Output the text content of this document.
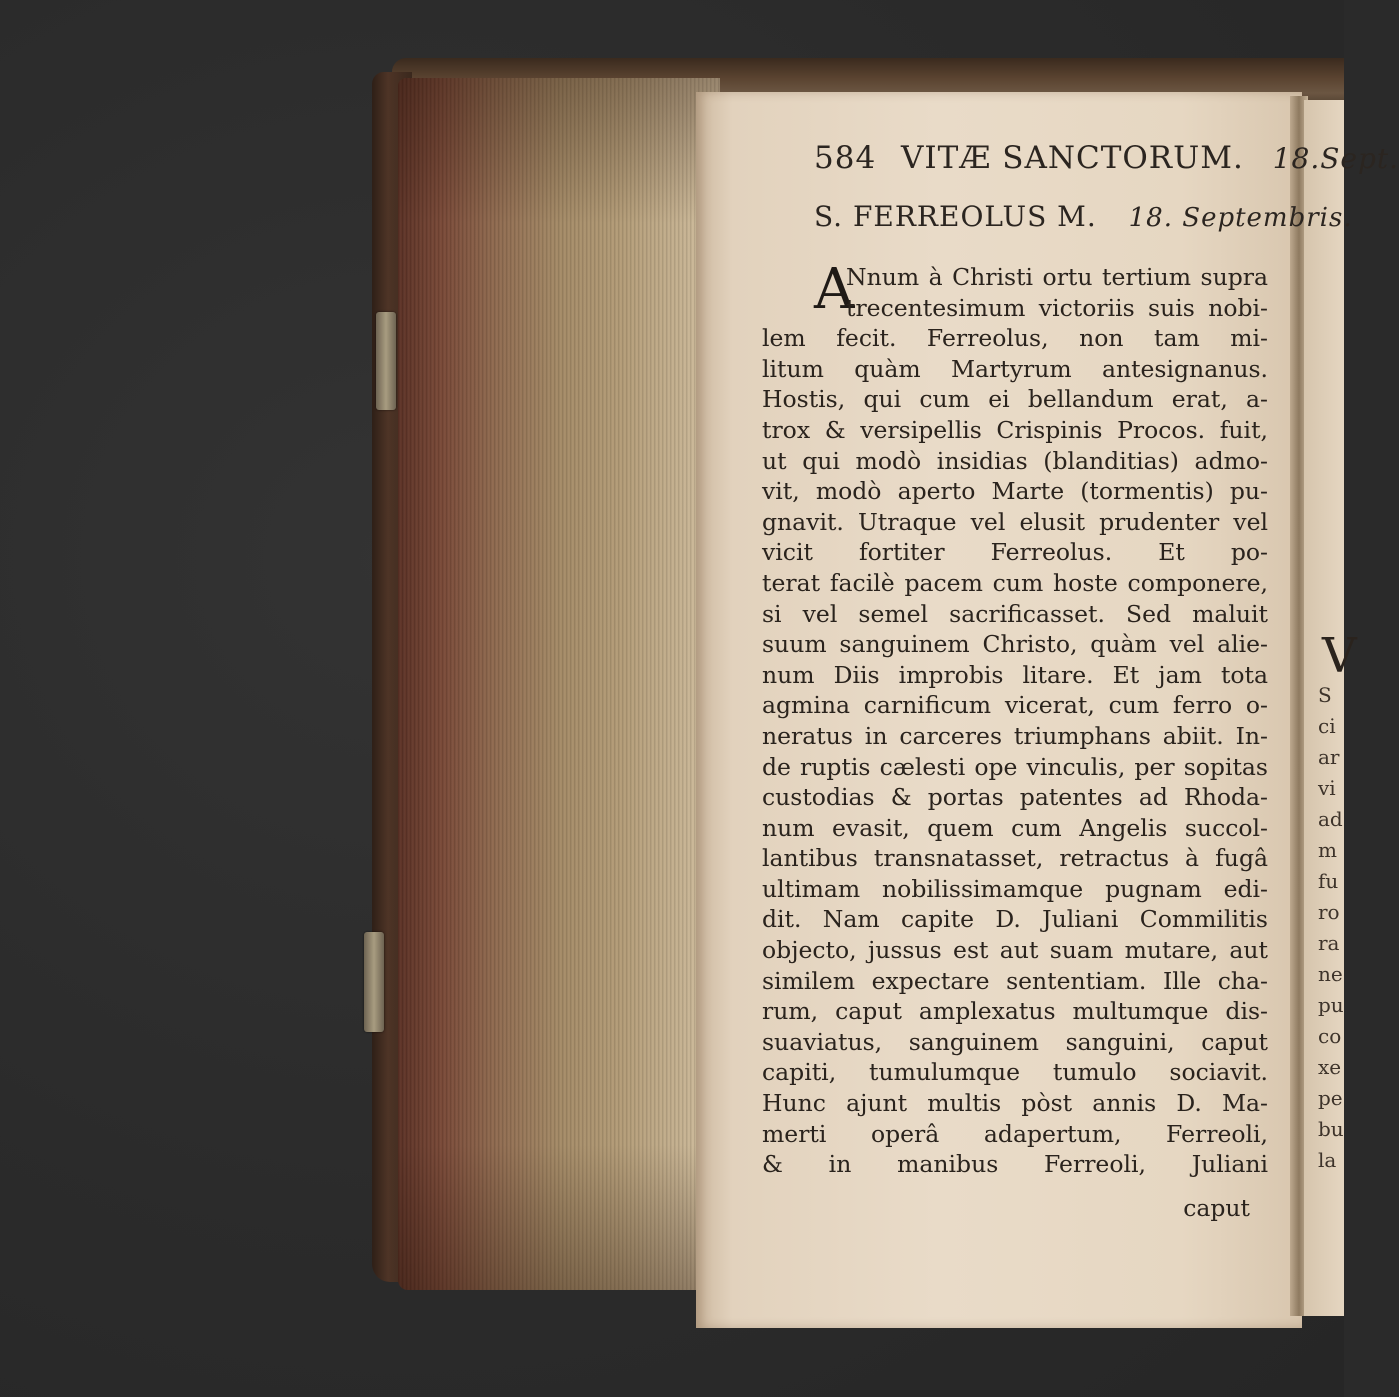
584 VITÆ SANCTORUM. 18.Sept.
S. FERREOLUS M. 18. Septembris.
A
Nnum à Christi ortu tertium supra
trecentesimum victoriis suis nobi-
lem fecit. Ferreolus, non tam mi-
litum quàm Martyrum antesignanus.
Hostis, qui cum ei bellandum erat, a-
trox & versipellis Crispinis Procos. fuit,
ut qui modò insidias (blanditias) admo-
vit, modò aperto Marte (tormentis) pu-
gnavit. Utraque vel elusit prudenter vel
vicit fortiter Ferreolus. Et po-
terat facilè pacem cum hoste componere,
si vel semel sacrificasset. Sed maluit
suum sanguinem Christo, quàm vel alie-
num Diis improbis litare. Et jam tota
agmina carnificum vicerat, cum ferro o-
neratus in carceres triumphans abiit. In-
de ruptis cælesti ope vinculis, per sopitas
custodias & portas patentes ad Rhoda-
num evasit, quem cum Angelis succol-
lantibus transnatasset, retractus à fugâ
ultimam nobilissimamque pugnam edi-
dit. Nam capite D. Juliani Commilitis
objecto, jussus est aut suam mutare, aut
similem expectare sententiam. Ille cha-
rum, caput amplexatus multumque dis-
suaviatus, sanguinem sanguini, caput
capiti, tumulumque tumulo sociavit.
Hunc ajunt multis pòst annis D. Ma-
merti operâ adapertum, Ferreoli,
& in manibus Ferreoli, Juliani
caput
V
S
ci
ar
vi
ad
m
fu
ro
ra
ne
pu
co
xe
pe
bu
la
